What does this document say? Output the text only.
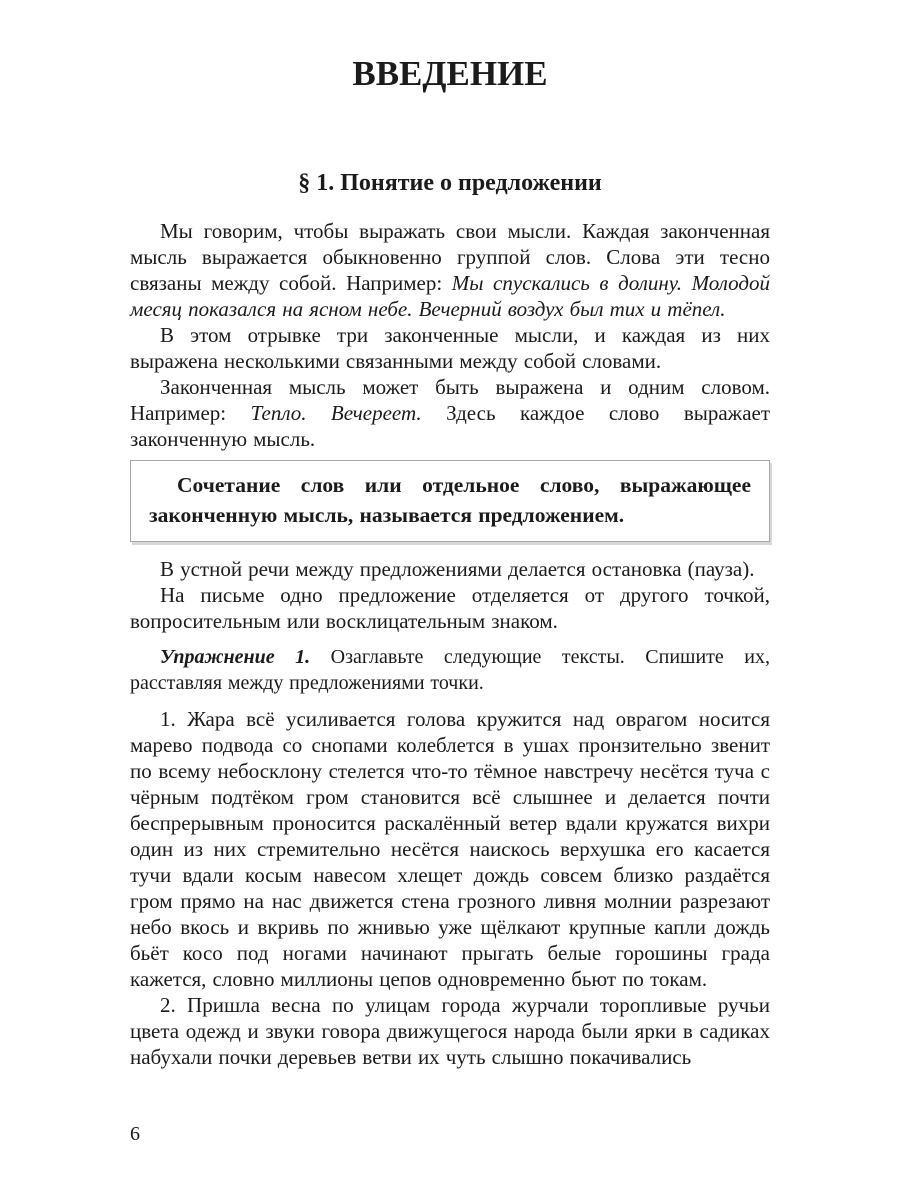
ВВЕДЕНИЕ
§ 1. Понятие о предложении

Мы говорим, чтобы выражать свои мысли. Каждая законченная мысль выражается обыкновенно группой слов. Слова эти тесно связаны между собой. Например: Мы спускались в долину. Молодой месяц показался на ясном небе. Вечерний воздух был тих и тёпел.

В этом отрывке три законченные мысли, и каждая из них выражена несколькими связанными между собой словами.

Законченная мысль может быть выражена и одним словом. Например: Тепло. Вечереет. Здесь каждое слово выражает законченную мысль.

Сочетание слов или отдельное слово, выражающее законченную мысль, называется предложением.

В устной речи между предложениями делается остановка (пауза).

На письме одно предложение отделяется от другого точкой, вопросительным или восклицательным знаком.

Упражнение 1. Озаглавьте следующие тексты. Спишите их, расставляя между предложениями точки.

1. Жара всё усиливается голова кружится над оврагом носится марево подвода со снопами колеблется в ушах пронзительно звенит по всему небосклону стелется что-то тёмное навстречу несётся туча с чёрным подтёком гром становится всё слышнее и делается почти беспрерывным проносится раскалённый ветер вдали кружатся вихри один из них стремительно несётся наискось верхушка его касается тучи вдали косым навесом хлещет дождь совсем близко раздаётся гром прямо на нас движется стена грозного ливня молнии разрезают небо вкось и вкривь по жнивью уже щёлкают крупные капли дождь бьёт косо под ногами начинают прыгать белые горошины града кажется, словно миллионы цепов одновременно бьют по токам.

2. Пришла весна по улицам города журчали торопливые ручьи цвета одежд и звуки говора движущегося народа были ярки в садиках набухали почки деревьев ветви их чуть слышно покачивались

6
